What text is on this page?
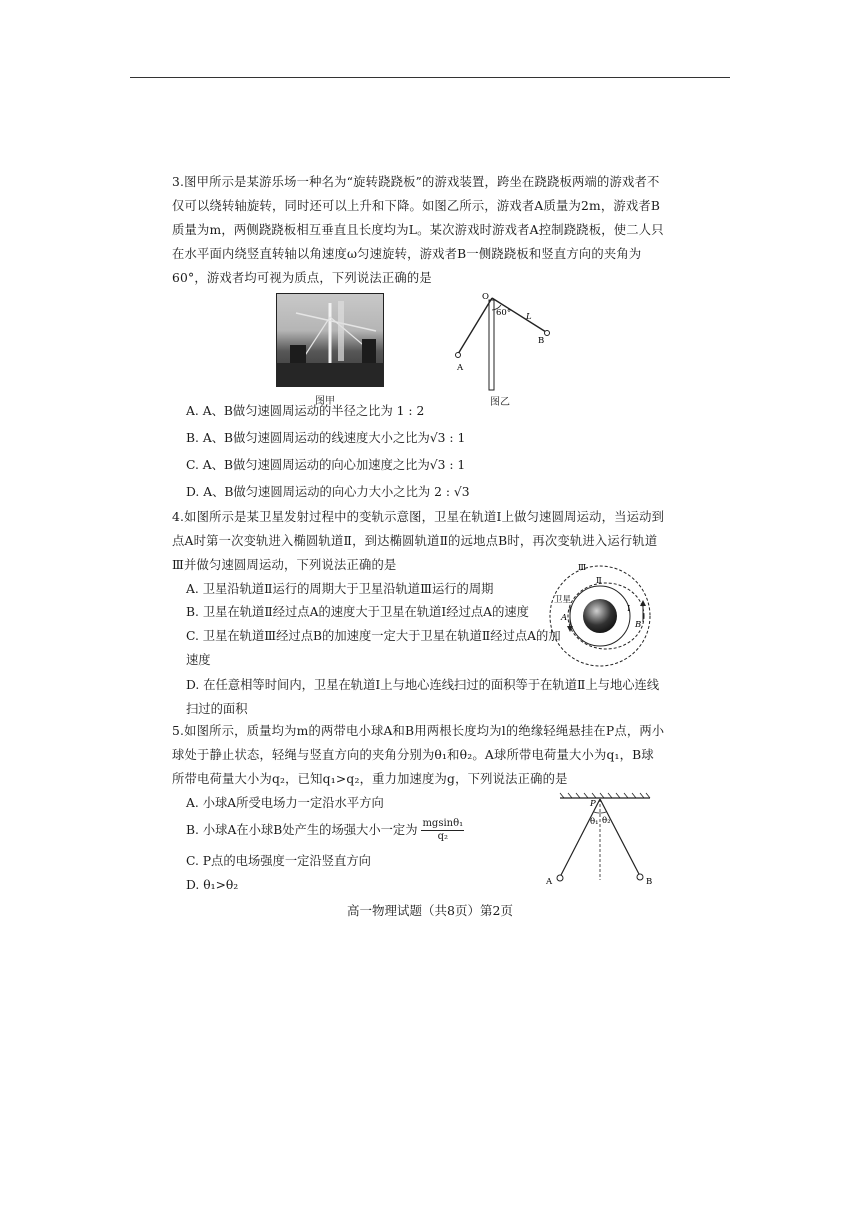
3.图甲所示是某游乐场一种名为“旋转跷跷板”的游戏装置，跨坐在跷跷板两端的游戏者不仅可以绕转轴旋转，同时还可以上升和下降。如图乙所示，游戏者A质量为2m，游戏者B质量为m，两侧跷跷板相互垂直且长度均为L。某次游戏时游戏者A控制跷跷板，使二人只在水平面内绕竖直转轴以角速度ω匀速旋转，游戏者B一侧跷跷板和竖直方向的夹角为60°，游戏者均可视为质点，下列说法正确的是

图甲
O
60° L
A
B
图乙
A. A、B做匀速圆周运动的半径之比为 1 : 2
B. A、B做匀速圆周运动的线速度大小之比为√3 : 1
C. A、B做匀速圆周运动的向心加速度之比为√3 : 1
D. A、B做匀速圆周运动的向心力大小之比为 2 : √3

4.如图所示是某卫星发射过程中的变轨示意图，卫星在轨道Ⅰ上做匀速圆周运动，当运动到点A时第一次变轨进入椭圆轨道Ⅱ，到达椭圆轨道Ⅱ的远地点B时，再次变轨进入运行轨道Ⅲ并做匀速圆周运动，下列说法正确的是	Ⅲ
Ⅱ
Ⅰ
卫星
A
B
A. 卫星沿轨道Ⅱ运行的周期大于卫星沿轨道Ⅲ运行的周期
B. 卫星在轨道Ⅱ经过点A的速度大于卫星在轨道Ⅰ经过点A的速度
C. 卫星在轨道Ⅲ经过点B的加速度一定大于卫星在轨道Ⅱ经过点A的加速度
D. 在任意相等时间内，卫星在轨道Ⅰ上与地心连线扫过的面积等于在轨道Ⅱ上与地心连线扫过的面积

5.如图所示，质量均为m的两带电小球A和B用两根长度均为l的绝缘轻绳悬挂在P点，两小球处于静止状态，轻绳与竖直方向的夹角分别为θ₁和θ₂。A球所带电荷量大小为q₁，B球所带电荷量大小为q₂，已知q₁>q₂，重力加速度为g，下列说法正确的是

P
θ₁ θ₂
A	B
A. 小球A所受电场力一定沿水平方向
B. 小球A在小球B处产生的场强大小一定为 $\frac{\text{mgsinθ₁}}{\text{q₂}}$
C. P点的电场强度一定沿竖直方向
D. θ₁>θ₂
高一物理试题（共8页）第2页
